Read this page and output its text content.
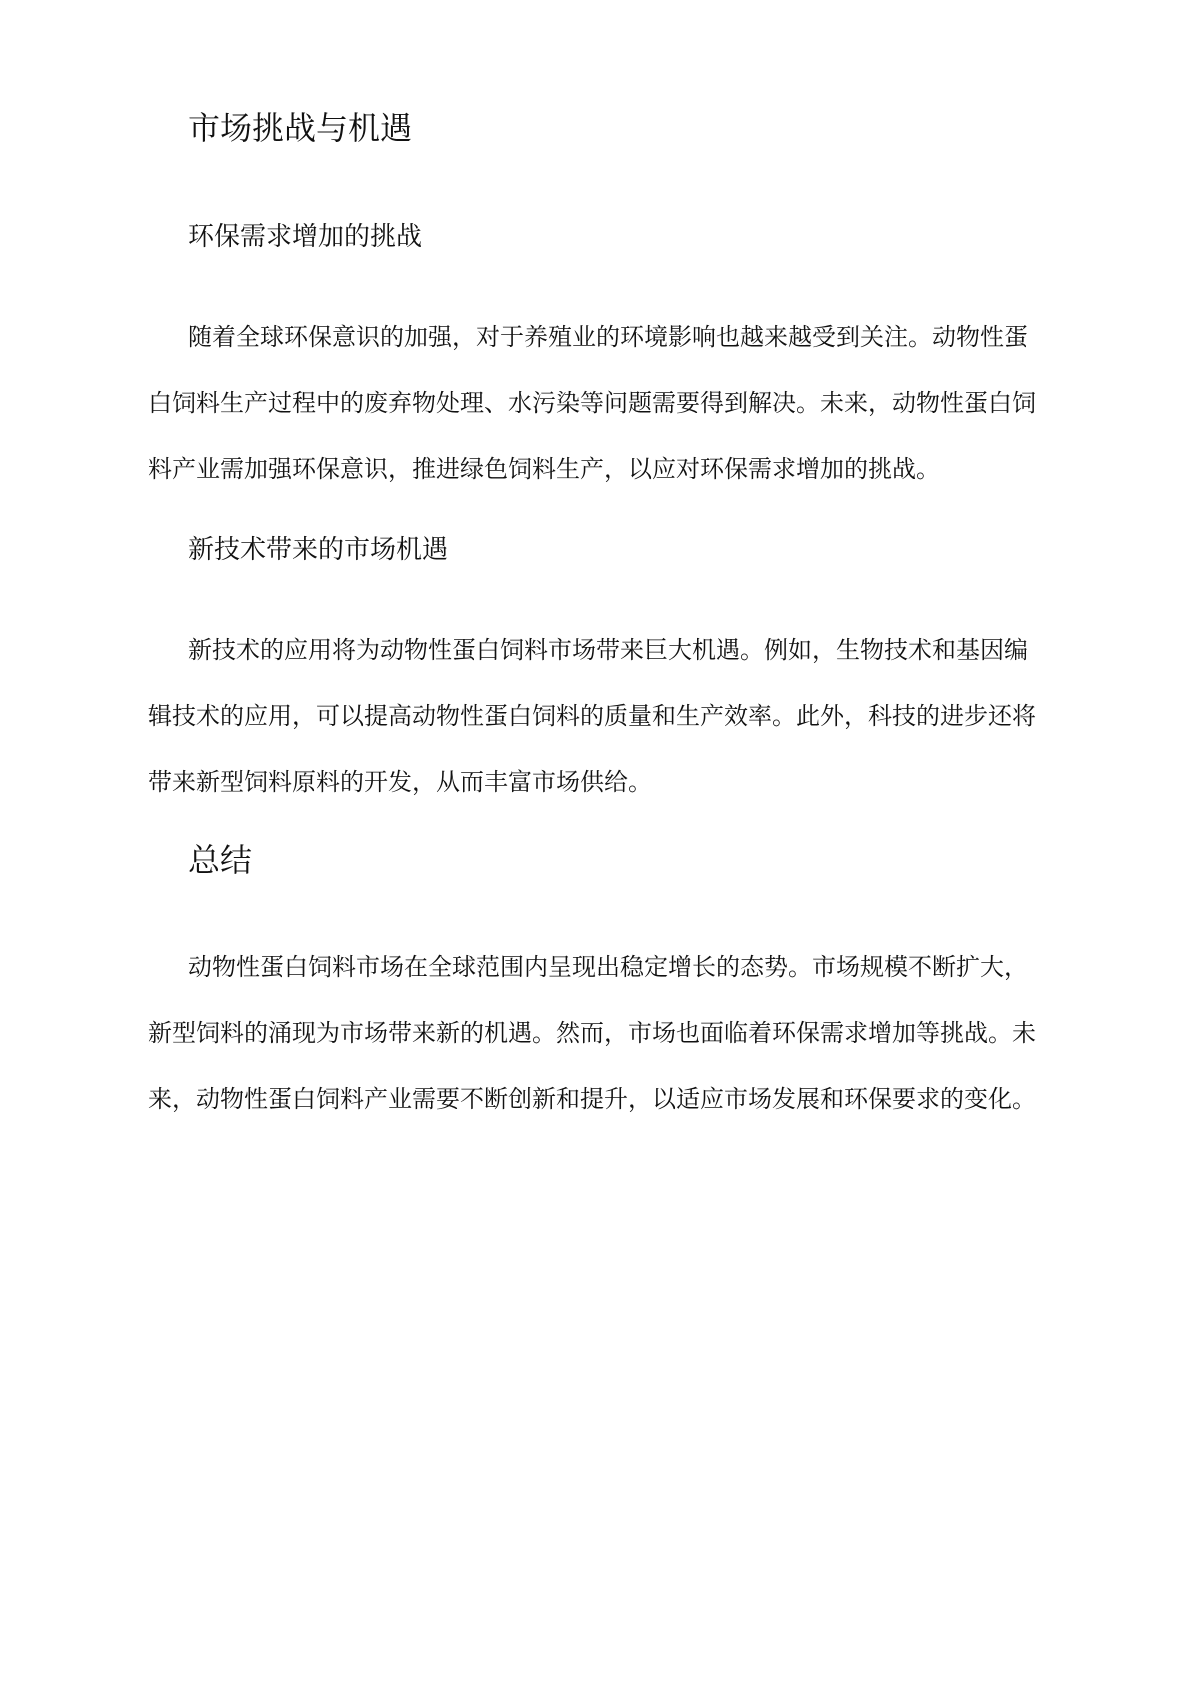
市场挑战与机遇
环保需求增加的挑战

随着全球环保意识的加强，对于养殖业的环境影响也越来越受到关注。动物性蛋
白饲料生产过程中的废弃物处理、水污染等问题需要得到解决。未来，动物性蛋白饲
料产业需加强环保意识，推进绿色饲料生产，以应对环保需求增加的挑战。

新技术带来的市场机遇

新技术的应用将为动物性蛋白饲料市场带来巨大机遇。例如，生物技术和基因编
辑技术的应用，可以提高动物性蛋白饲料的质量和生产效率。此外，科技的进步还将
带来新型饲料原料的开发，从而丰富市场供给。

总结

动物性蛋白饲料市场在全球范围内呈现出稳定增长的态势。市场规模不断扩大，
新型饲料的涌现为市场带来新的机遇。然而，市场也面临着环保需求增加等挑战。未
来，动物性蛋白饲料产业需要不断创新和提升，以适应市场发展和环保要求的变化。
